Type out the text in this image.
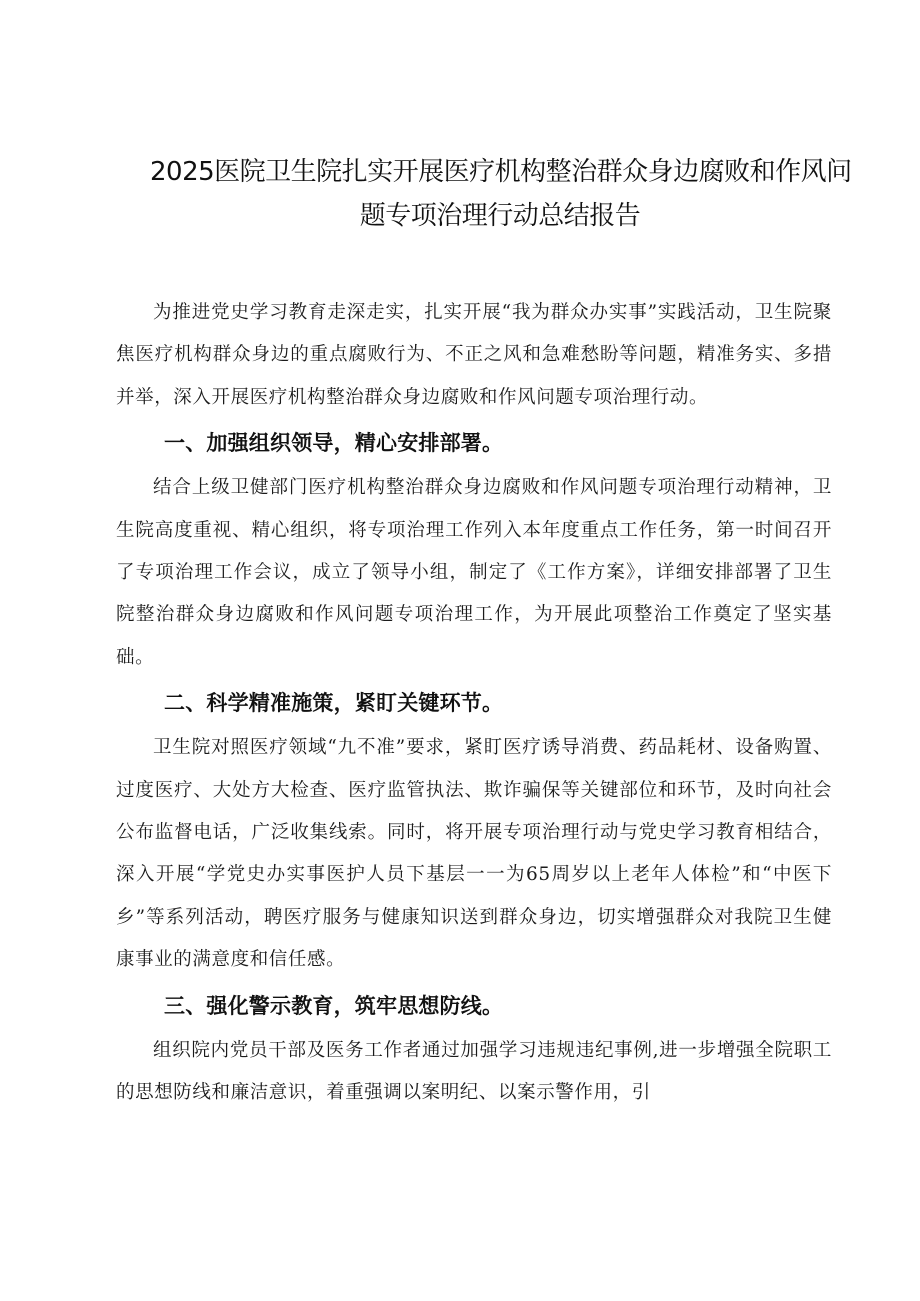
2025医院卫生院扎实开展医疗机构整治群众身边腐败和作风问
题专项治理行动总结报告

为推进党史学习教育走深走实，扎实开展“我为群众办实事”实践活动，卫生院聚焦医疗机构群众身边的重点腐败行为、不正之风和急难愁盼等问题，精准务实、多措并举，深入开展医疗机构整治群众身边腐败和作风问题专项治理行动。

一、加强组织领导，精心安排部署。

结合上级卫健部门医疗机构整治群众身边腐败和作风问题专项治理行动精神，卫生院高度重视、精心组织，将专项治理工作列入本年度重点工作任务，第一时间召开了专项治理工作会议，成立了领导小组，制定了《工作方案》，详细安排部署了卫生院整治群众身边腐败和作风问题专项治理工作，为开展此项整治工作奠定了坚实基础。

二、科学精准施策，紧盯关键环节。

卫生院对照医疗领域“九不准”要求，紧盯医疗诱导消费、药品耗材、设备购置、过度医疗、大处方大检查、医疗监管执法、欺诈骗保等关键部位和环节，及时向社会公布监督电话，广泛收集线索。同时，将开展专项治理行动与党史学习教育相结合，深入开展“学党史办实事医护人员下基层一一为65周岁以上老年人体检”和“中医下乡”等系列活动，聘医疗服务与健康知识送到群众身边，切实增强群众对我院卫生健康事业的满意度和信任感。

三、强化警示教育，筑牢思想防线。

组织院内党员干部及医务工作者通过加强学习违规违纪事例,进一步增强全院职工的思想防线和廉洁意识，着重强调以案明纪、以案示警作用，引
